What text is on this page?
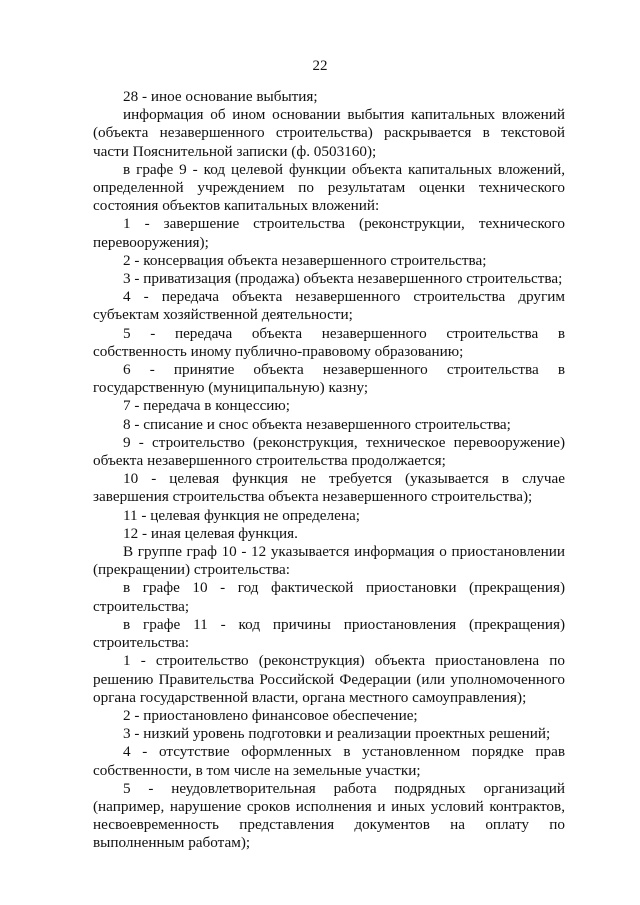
22

28 - иное основание выбытия;

информация об ином основании выбытия капитальных вложений (объекта незавершенного строительства) раскрывается в текстовой части Пояснительной записки (ф. 0503160);

в графе 9 - код целевой функции объекта капитальных вложений, определенной учреждением по результатам оценки технического состояния объектов капитальных вложений:

1 - завершение строительства (реконструкции, технического перевооружения);

2 - консервация объекта незавершенного строительства;

3 - приватизация (продажа) объекта незавершенного строительства;

4 - передача объекта незавершенного строительства другим субъектам хозяйственной деятельности;

5 - передача объекта незавершенного строительства в собственность иному публично-правовому образованию;

6 - принятие объекта незавершенного строительства в государственную (муниципальную) казну;

7 - передача в концессию;

8 - списание и снос объекта незавершенного строительства;

9 - строительство (реконструкция, техническое перевооружение) объекта незавершенного строительства продолжается;

10 - целевая функция не требуется (указывается в случае завершения строительства объекта незавершенного строительства);

11 - целевая функция не определена;

12 - иная целевая функция.

В группе граф 10 - 12 указывается информация о приостановлении (прекращении) строительства:

в графе 10 - год фактической приостановки (прекращения) строительства;

в графе 11 - код причины приостановления (прекращения) строительства:

1 - строительство (реконструкция) объекта приостановлена по решению Правительства Российской Федерации (или уполномоченного органа государственной власти, органа местного самоуправления);

2 - приостановлено финансовое обеспечение;

3 - низкий уровень подготовки и реализации проектных решений;

4 - отсутствие оформленных в установленном порядке прав собственности, в том числе на земельные участки;

5 - неудовлетворительная работа подрядных организаций (например, нарушение сроков исполнения и иных условий контрактов, несвоевременность представления документов на оплату по выполненным работам);
